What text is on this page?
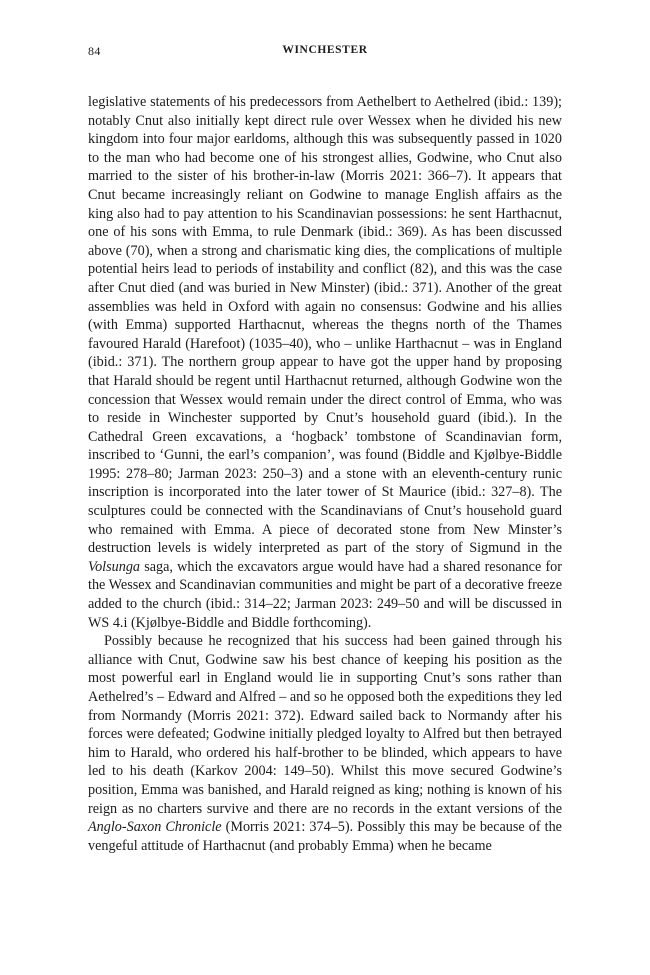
84	WINCHESTER

legislative statements of his predecessors from Aethelbert to Aethelred (ibid.: 139); notably Cnut also initially kept direct rule over Wessex when he divided his new kingdom into four major earldoms, although this was subsequently passed in 1020 to the man who had become one of his strongest allies, Godwine, who Cnut also married to the sister of his brother-in-law (Morris 2021: 366–7). It appears that Cnut became increasingly reliant on Godwine to manage English affairs as the king also had to pay attention to his Scandinavian possessions: he sent Harthacnut, one of his sons with Emma, to rule Denmark (ibid.: 369). As has been discussed above (70), when a strong and charismatic king dies, the complications of multiple potential heirs lead to periods of instability and conflict (82), and this was the case after Cnut died (and was buried in New Minster) (ibid.: 371). Another of the great assemblies was held in Oxford with again no consensus: Godwine and his allies (with Emma) supported Harthacnut, whereas the thegns north of the Thames favoured Harald (Harefoot) (1035–40), who – unlike Harthacnut – was in England (ibid.: 371). The northern group appear to have got the upper hand by proposing that Harald should be regent until Harthacnut returned, although Godwine won the concession that Wessex would remain under the direct control of Emma, who was to reside in Winchester supported by Cnut’s household guard (ibid.). In the Cathedral Green excavations, a ‘hogback’ tombstone of Scandinavian form, inscribed to ‘Gunni, the earl’s companion’, was found (Biddle and Kjølbye-Biddle 1995: 278–80; Jarman 2023: 250–3) and a stone with an eleventh-century runic inscription is incorporated into the later tower of St Maurice (ibid.: 327–8). The sculptures could be connected with the Scandinavians of Cnut’s household guard who remained with Emma. A piece of decorated stone from New Minster’s destruction levels is widely interpreted as part of the story of Sigmund in the Volsunga saga, which the excavators argue would have had a shared resonance for the Wessex and Scandinavian communities and might be part of a decorative freeze added to the church (ibid.: 314–22; Jarman 2023: 249–50 and will be discussed in WS 4.i (Kjølbye-Biddle and Biddle forthcoming).

Possibly because he recognized that his success had been gained through his alliance with Cnut, Godwine saw his best chance of keeping his position as the most powerful earl in England would lie in supporting Cnut’s sons rather than Aethelred’s – Edward and Alfred – and so he opposed both the expeditions they led from Normandy (Morris 2021: 372). Edward sailed back to Normandy after his forces were defeated; Godwine initially pledged loyalty to Alfred but then betrayed him to Harald, who ordered his half-brother to be blinded, which appears to have led to his death (Karkov 2004: 149–50). Whilst this move secured Godwine’s position, Emma was banished, and Harald reigned as king; nothing is known of his reign as no charters survive and there are no records in the extant versions of the Anglo-Saxon Chronicle (Morris 2021: 374–5). Possibly this may be because of the vengeful attitude of Harthacnut (and probably Emma) when he became
